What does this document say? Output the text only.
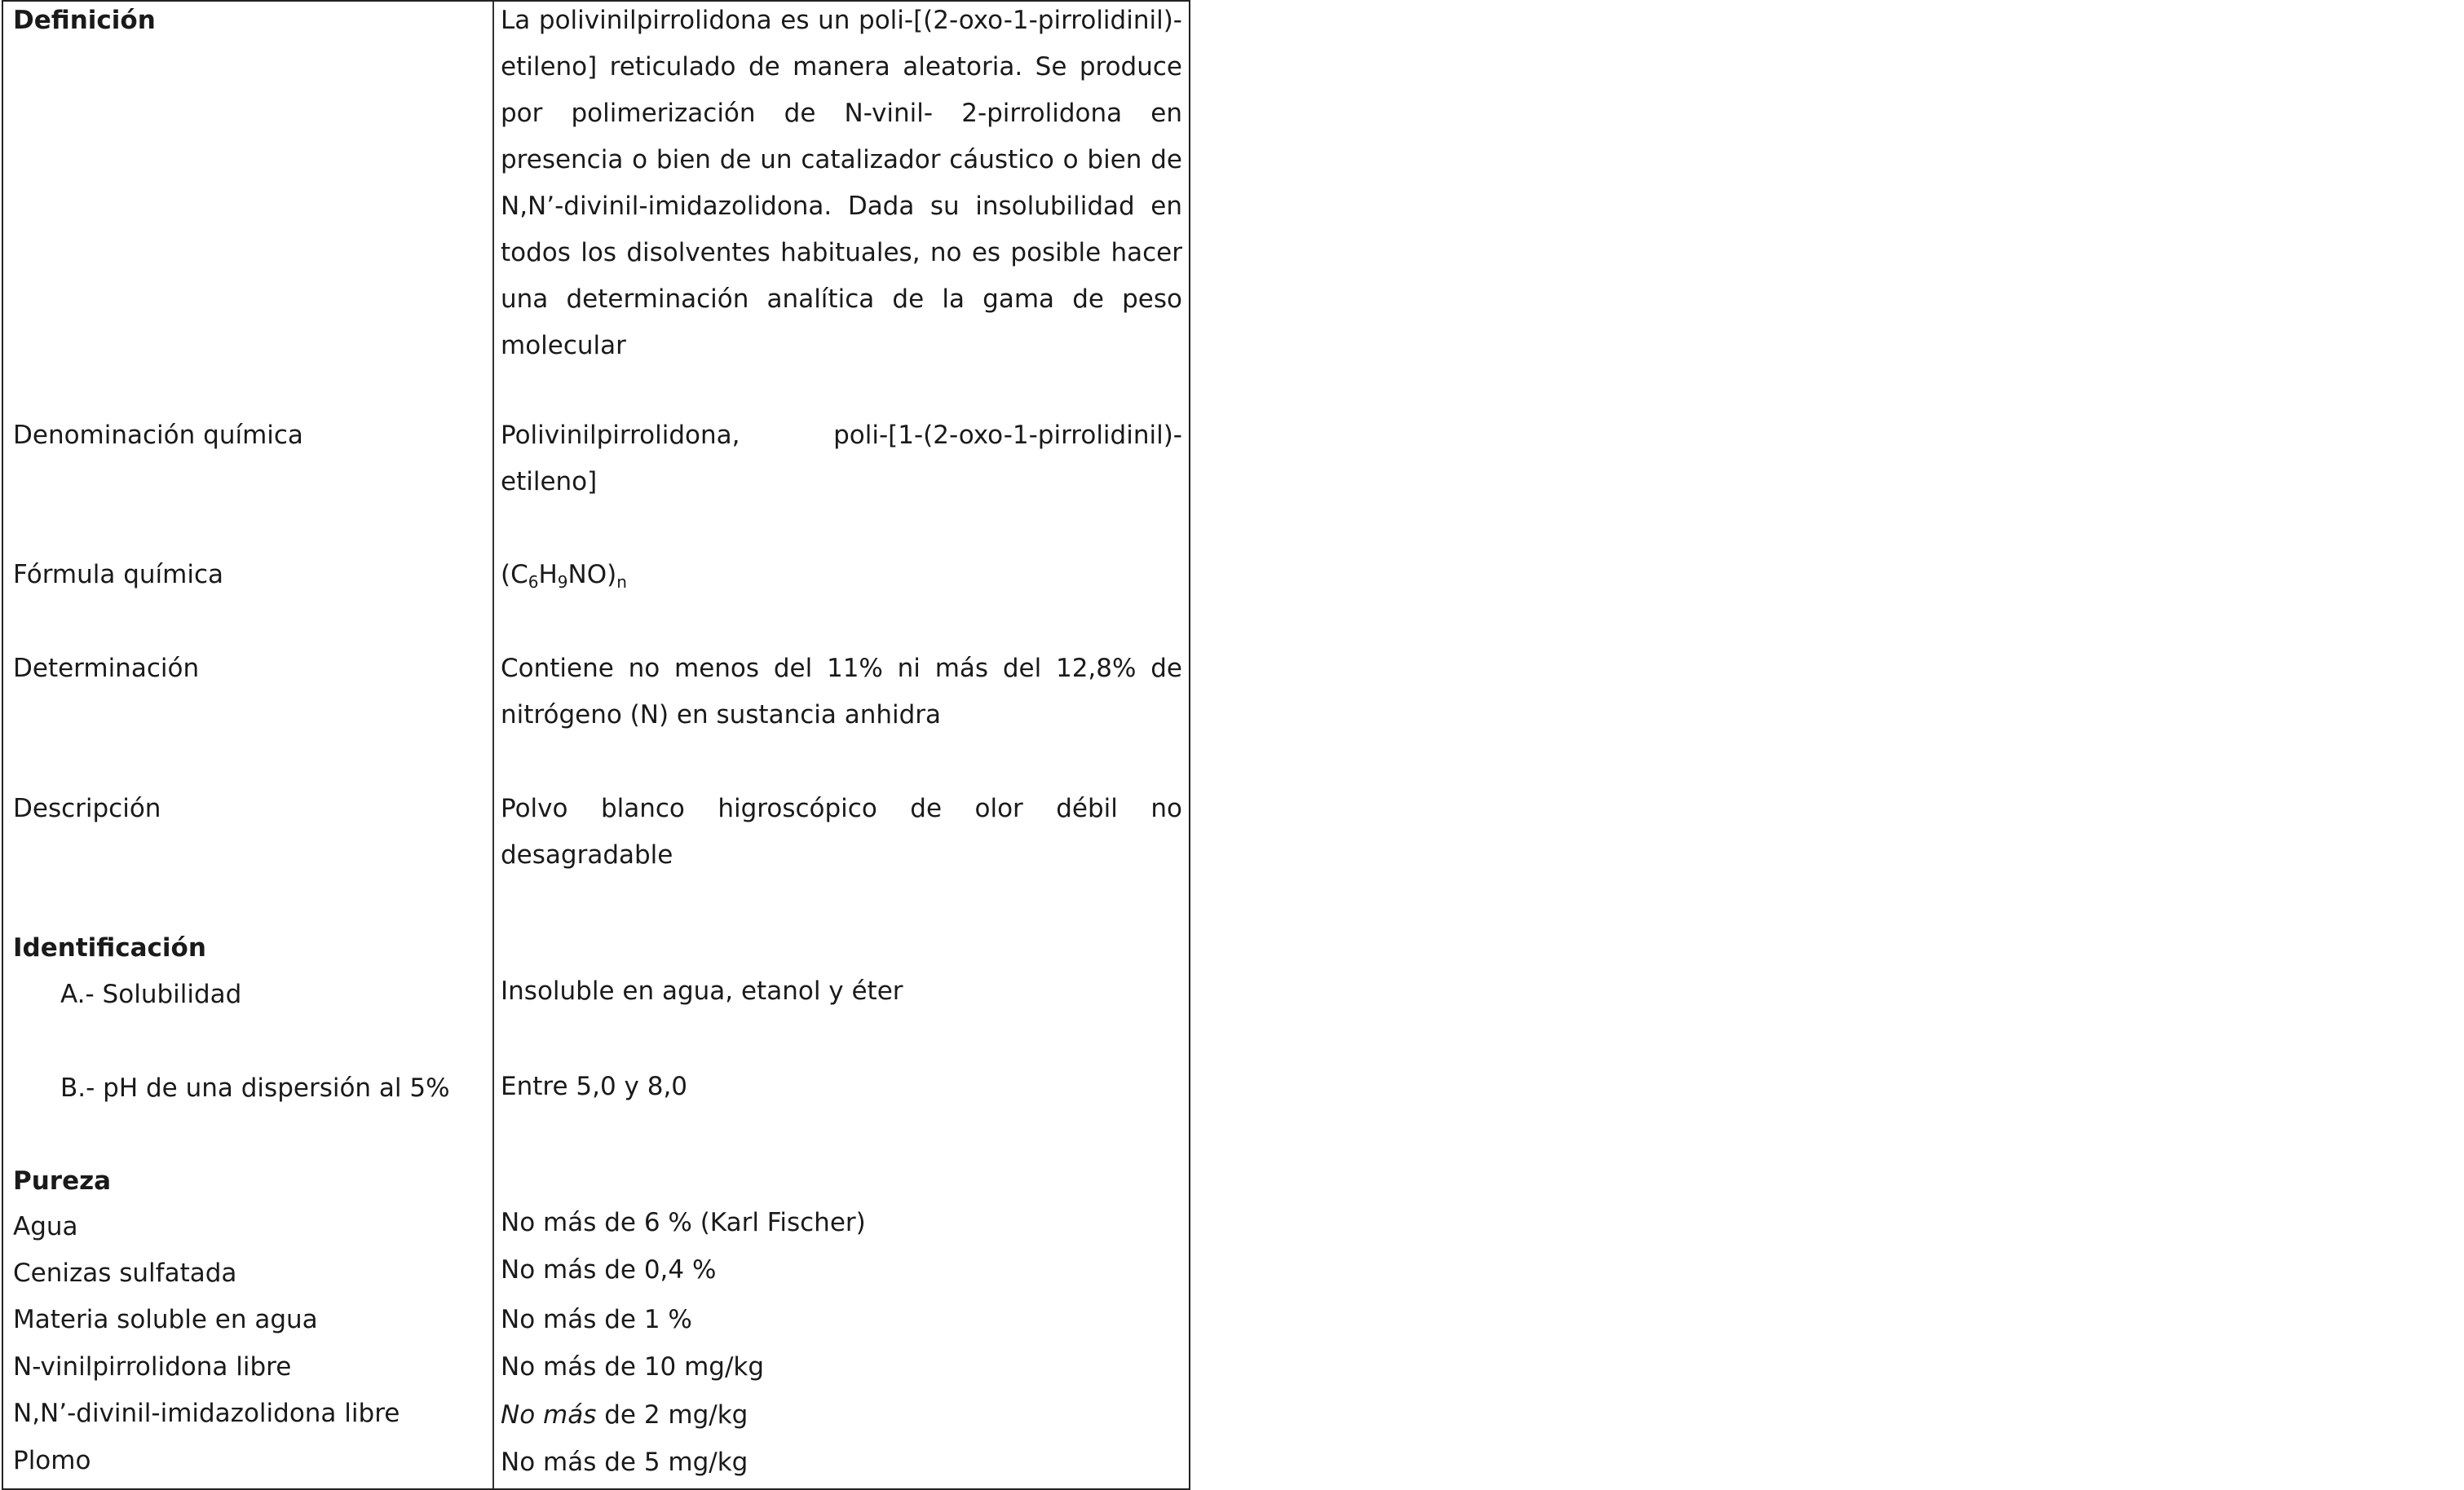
Definición	La polivinilpirrolidona es un poli-[(2-oxo-1-pirrolidinil)-etileno] reticulado de manera aleatoria. Se produce por polimerización de N-vinil- 2-pirrolidona en presencia o bien de un catalizador cáustico o bien de N,N’-divinil-imidazolidona. Dada su insolubilidad en todos los disolventes habituales, no es posible hacer una determinación analítica de la gama de peso molecular
Denominación química	Polivinilpirrolidona, poli-[1-(2-oxo-1-pirrolidinil)-etileno]
Fórmula química	$(C_6H_9NO)_n$
Determinación	Contiene no menos del 11% ni más del 12,8% de nitrógeno (N) en sustancia anhidra
Descripción	Polvo blanco higroscópico de olor débil no desagradable
Identificación
A.- Solubilidad	Insoluble en agua, etanol y éter
B.- pH de una dispersión al 5% Entre 5,0 y 8,0
Pureza
Agua	No más de 6 % (Karl Fischer)
Cenizas sulfatada	No más de 0,4 %
Materia soluble en agua	No más de 1 %
N-vinilpirrolidona libre	No más de 10 mg/kg
N,N’-divinil-imidazolidona libre	No más de 2 mg/kg
Plomo	No más de 5 mg/kg
